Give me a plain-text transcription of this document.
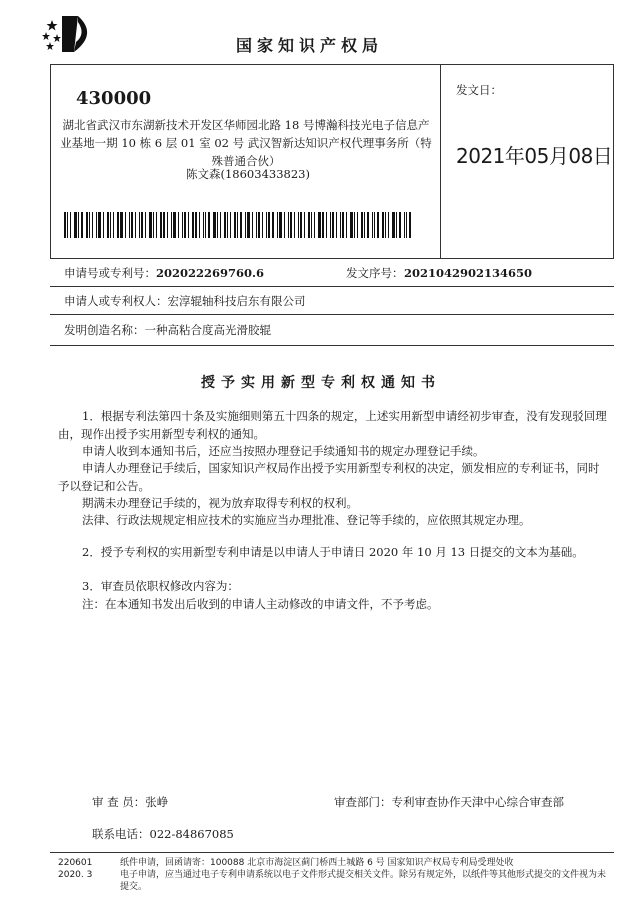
国家知识产权局
430000
湖北省武汉市东湖新技术开发区华师园北路 18 号博瀚科技光电子信息产业基地一期 10 栋 6 层 01 室 02 号 武汉智新达知识产权代理事务所（特殊普通合伙）
陈文森(18603433823)
发文日：
2021年05月08日
申请号或专利号： 202022269760.6	发文序号： 2021042902134650
申请人或专利权人： 宏淳辊轴科技启东有限公司
发明创造名称： 一种高粘合度高光滑胶辊
授予实用新型专利权通知书

1．根据专利法第四十条及实施细则第五十四条的规定，上述实用新型申请经初步审查，没有发现驳回理由，现作出授予实用新型专利权的通知。

申请人收到本通知书后，还应当按照办理登记手续通知书的规定办理登记手续。

申请人办理登记手续后，国家知识产权局作出授予实用新型专利权的决定，颁发相应的专利证书，同时予以登记和公告。

期满未办理登记手续的，视为放弃取得专利权的权利。

法律、行政法规规定相应技术的实施应当办理批准、登记等手续的，应依照其规定办理。

2．授予专利权的实用新型专利申请是以申请人于申请日 2020 年 10 月 13 日提交的文本为基础。

3．审查员依职权修改内容为：

注：在本通知书发出后收到的申请人主动修改的申请文件，不予考虑。

审 查 员：张峥	审查部门：专利审查协作天津中心综合审查部
联系电话：022-84867085
220601
2020. 3
纸件申请，回函请寄：100088 北京市海淀区蓟门桥西土城路 6 号 国家知识产权局专利局受理处收
电子申请，应当通过电子专利申请系统以电子文件形式提交相关文件。除另有规定外，以纸件等其他形式提交的文件视为未提交。
